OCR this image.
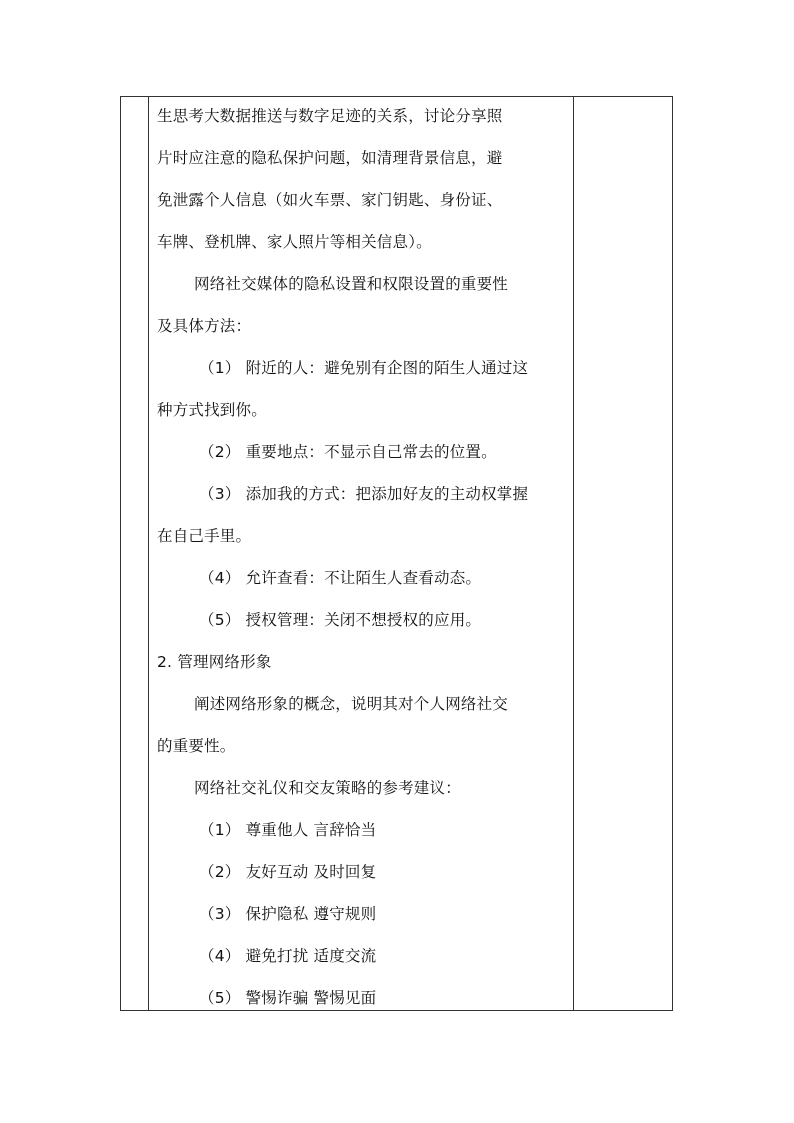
生思考大数据推送与数字足迹的关系，讨论分享照
片时应注意的隐私保护问题，如清理背景信息，避
免泄露个人信息（如火车票、家门钥匙、身份证、
车牌、登机牌、家人照片等相关信息）。
网络社交媒体的隐私设置和权限设置的重要性
及具体方法：
（1） 附近的人：避免别有企图的陌生人通过这
种方式找到你。
（2） 重要地点：不显示自己常去的位置。
（3） 添加我的方式：把添加好友的主动权掌握
在自己手里。
（4） 允许查看：不让陌生人查看动态。
（5） 授权管理：关闭不想授权的应用。
2. 管理网络形象
阐述网络形象的概念，说明其对个人网络社交
的重要性。
网络社交礼仪和交友策略的参考建议：
（1） 尊重他人 言辞恰当
（2） 友好互动 及时回复
（3） 保护隐私 遵守规则
（4） 避免打扰 适度交流
（5） 警惕诈骗 警惕见面
